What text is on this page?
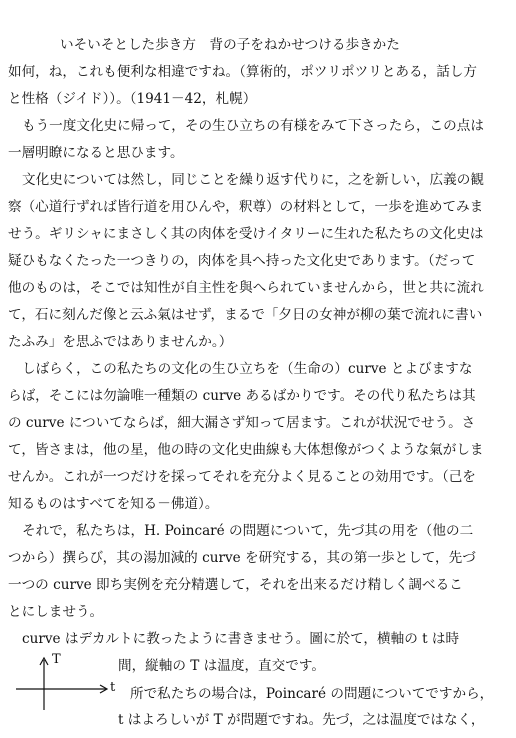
いそいそとした歩き方　背の子をねかせつける歩きかた
如何，ね，これも便利な相違ですね。（算術的，ポツリポツリとある，話し方
と性格（ジイド））。（1941－42，札幌）
もう一度文化史に帰って，その生ひ立ちの有様をみて下さったら，この点は
一層明瞭になると思ひます。
文化史については然し，同じことを繰り返す代りに，之を新しい，広義の観
察（心道行ずれば皆行道を用ひんや，釈尊）の材料として，一歩を進めてみま
せう。ギリシャにまさしく其の肉体を受けイタリーに生れた私たちの文化史は
疑ひもなくたった一つきりの，肉体を具へ持った文化史であります。（だって
他のものは，そこでは知性が自主性を與へられていませんから，世と共に流れ
て，石に刻んだ像と云ふ氣はせず，まるで「夕日の女神が柳の葉で流れに書い
たふみ」を思ふではありませんか。）
しばらく，この私たちの文化の生ひ立ちを（生命の）curve とよびますな
らば，そこには勿論唯一種類の curve あるばかりです。その代り私たちは其
の curve についてならば，細大漏さず知って居ます。これが状況でせう。さ
て，皆さまは，他の星，他の時の文化史曲線も大体想像がつくような氣がしま
せんか。これが一つだけを採ってそれを充分よく見ることの効用です。（己を
知るものはすべてを知る－佛道）。
それで，私たちは，H. Poincaré の問題について，先づ其の用を（他の二
つから）撰らび，其の湯加減的 curve を研究する，其の第一歩として，先づ
一つの curve 即ち実例を充分精選して，それを出来るだけ精しく調べるこ
とにしませう。
curve はデカルトに教ったように書きませう。圖に於て，横軸の t は時
間，縦軸の T は温度，直交です。
所で私たちの場合は，Poincaré の問題についてですから，
t はよろしいが T が問題ですね。先づ，之は温度ではなく，
T
t
